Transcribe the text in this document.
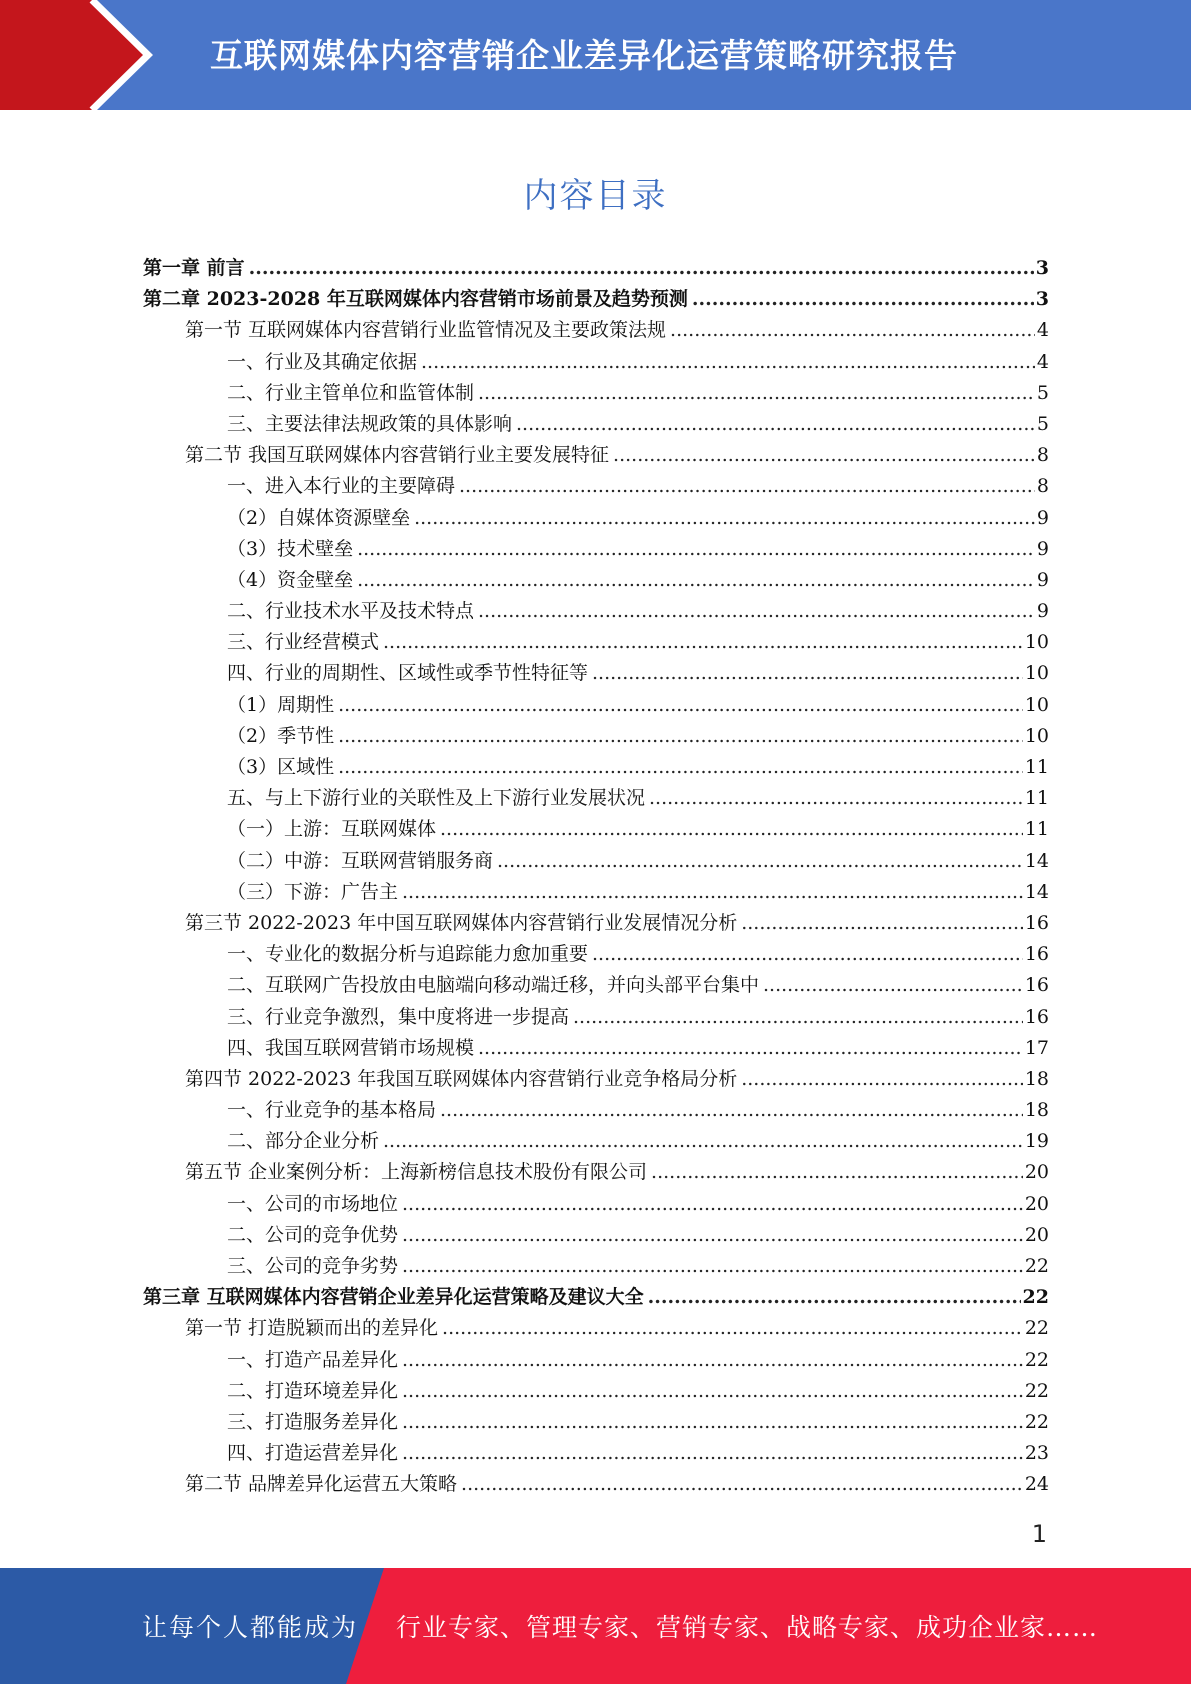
互联网媒体内容营销企业差异化运营策略研究报告
内容目录
第一章 前言 .....	3
第二章 2023-2028 年互联网媒体内容营销市场前景及趋势预测 .....	3
第一节 互联网媒体内容营销行业监管情况及主要政策法规 .....	4
一、行业及其确定依据 .....	4
二、行业主管单位和监管体制 .....	5
三、主要法律法规政策的具体影响 .....	5
第二节 我国互联网媒体内容营销行业主要发展特征 .....	8
一、进入本行业的主要障碍 .....	8
（2）自媒体资源壁垒 .....	9
（3）技术壁垒 .....	9
（4）资金壁垒 .....	9
二、行业技术水平及技术特点 .....	9
三、行业经营模式 .....	10
四、行业的周期性、区域性或季节性特征等 .....	10
（1）周期性 .....	10
（2）季节性 .....	10
（3）区域性 .....	11
五、与上下游行业的关联性及上下游行业发展状况 .....	11
（一）上游：互联网媒体 .....	11
（二）中游：互联网营销服务商 .....	14
（三）下游：广告主 .....	14
第三节 2022-2023 年中国互联网媒体内容营销行业发展情况分析 .....	16
一、专业化的数据分析与追踪能力愈加重要 .....	16
二、互联网广告投放由电脑端向移动端迁移，并向头部平台集中 .....	16
三、行业竞争激烈，集中度将进一步提高 .....	16
四、我国互联网营销市场规模 .....	17
第四节 2022-2023 年我国互联网媒体内容营销行业竞争格局分析 .....	18
一、行业竞争的基本格局 .....	18
二、部分企业分析 .....	19
第五节 企业案例分析：上海新榜信息技术股份有限公司 .....	20
一、公司的市场地位 .....	20
二、公司的竞争优势 .....	20
三、公司的竞争劣势 .....	22
第三章 互联网媒体内容营销企业差异化运营策略及建议大全 .....	22
第一节 打造脱颖而出的差异化 .....	22
一、打造产品差异化 .....	22
二、打造环境差异化 .....	22
三、打造服务差异化 .....	22
四、打造运营差异化 .....	23
第二节 品牌差异化运营五大策略 .....	24
1
让每个人都能成为 行业专家、管理专家、营销专家、战略专家、成功企业家……
